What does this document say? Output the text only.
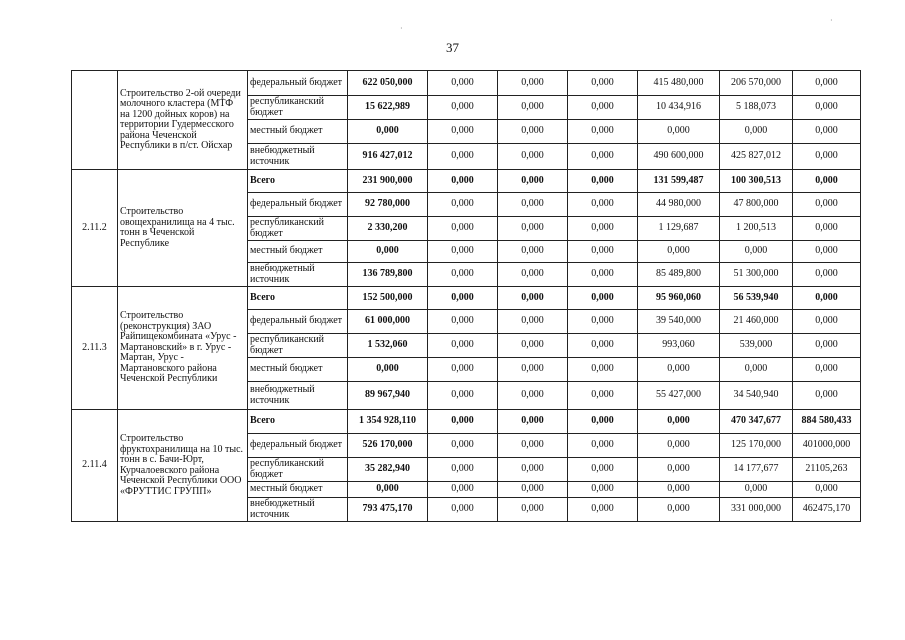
37
·
·
	Строительство 2-ой очереди молочного кластера (МТФ на 1200 дойных коров) на территории Гудермесского района Чеченской Республики в п/ст. Ойсхар	федеральный бюджет	622 050,000	0,000	0,000	0,000	415 480,000	206 570,000	0,000
		республиканский бюджет	15 622,989	0,000	0,000	0,000	10 434,916	5 188,073	0,000
		местный бюджет	0,000	0,000	0,000	0,000	0,000	0,000	0,000
		внебюджетный источник	916 427,012	0,000	0,000	0,000	490 600,000	425 827,012	0,000
2.11.2	Строительство овощехранилища на 4 тыс. тонн в Чеченской Республике	Всего	231 900,000	0,000	0,000	0,000	131 599,487	100 300,513	0,000
		федеральный бюджет	92 780,000	0,000	0,000	0,000	44 980,000	47 800,000	0,000
		республиканский бюджет	2 330,200	0,000	0,000	0,000	1 129,687	1 200,513	0,000
		местный бюджет	0,000	0,000	0,000	0,000	0,000	0,000	0,000
		внебюджетный источник	136 789,800	0,000	0,000	0,000	85 489,800	51 300,000	0,000
2.11.3	Строительство (реконструкция) ЗАО Райпищекомбината «Урус - Мартановский» в г. Урус - Мартан, Урус - Мартановского района Чеченской Республики	Всего	152 500,000	0,000	0,000	0,000	95 960,060	56 539,940	0,000
		федеральный бюджет	61 000,000	0,000	0,000	0,000	39 540,000	21 460,000	0,000
		республиканский бюджет	1 532,060	0,000	0,000	0,000	993,060	539,000	0,000
		местный бюджет	0,000	0,000	0,000	0,000	0,000	0,000	0,000
		внебюджетный источник	89 967,940	0,000	0,000	0,000	55 427,000	34 540,940	0,000
2.11.4	Строительство фруктохранилища на 10 тыс. тонн в с. Бачи-Юрт, Курчалоевского района Чеченской Республики ООО «ФРУТТИС ГРУПП»	Всего	1 354 928,110	0,000	0,000	0,000	0,000	470 347,677	884 580,433
		федеральный бюджет	526 170,000	0,000	0,000	0,000	0,000	125 170,000	401000,000
		республиканский бюджет	35 282,940	0,000	0,000	0,000	0,000	14 177,677	21105,263
		местный бюджет	0,000	0,000	0,000	0,000	0,000	0,000	0,000
		внебюджетный источник	793 475,170	0,000	0,000	0,000	0,000	331 000,000	462475,170
